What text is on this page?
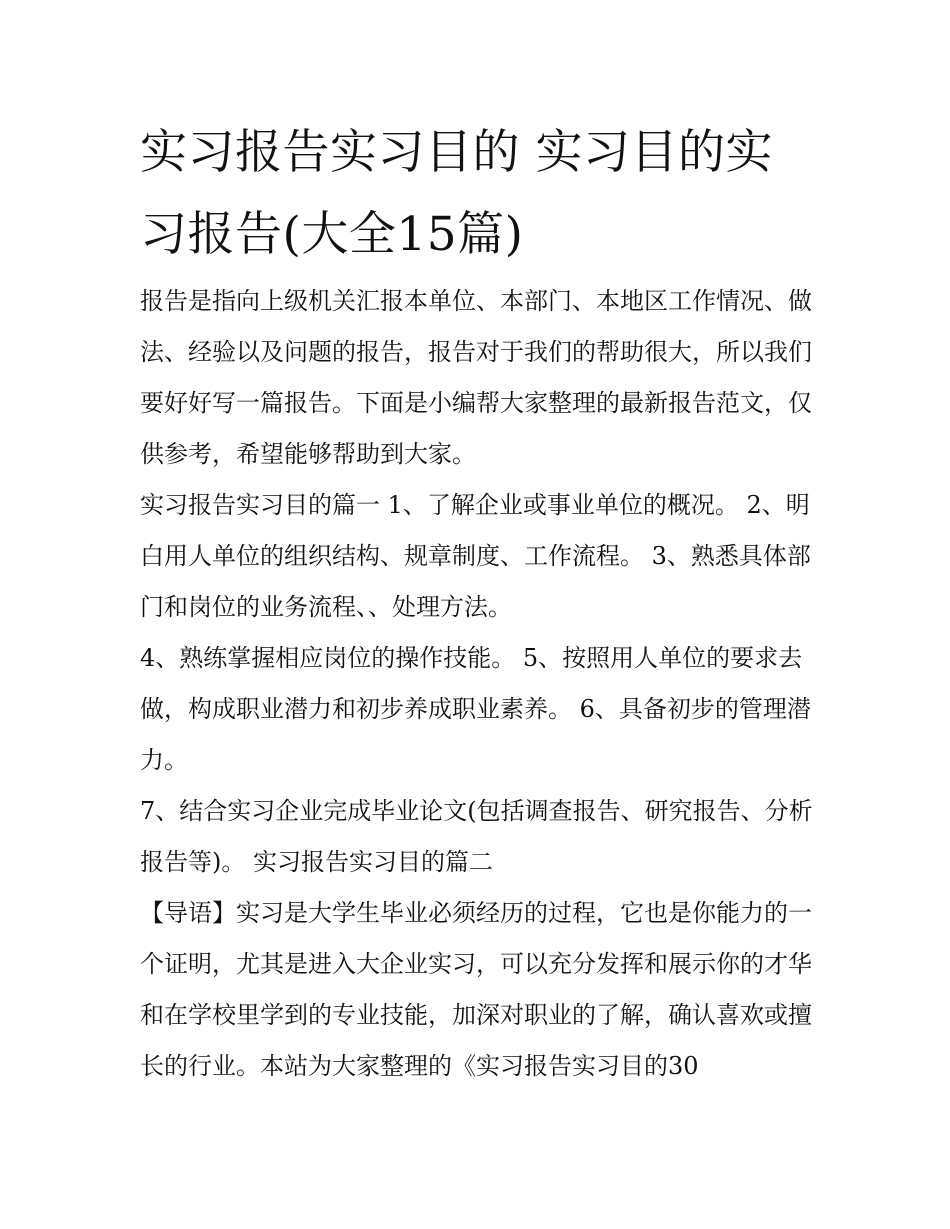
实习报告实习目的 实习目的实习报告(大全15篇)

报告是指向上级机关汇报本单位、本部门、本地区工作情况、做法、经验以及问题的报告，报告对于我们的帮助很大，所以我们要好好写一篇报告。下面是小编帮大家整理的最新报告范文，仅供参考，希望能够帮助到大家。

实习报告实习目的篇一 1、了解企业或事业单位的概况。 2、明白用人单位的组织结构、规章制度、工作流程。 3、熟悉具体部门和岗位的业务流程、、处理方法。

4、熟练掌握相应岗位的操作技能。 5、按照用人单位的要求去做，构成职业潜力和初步养成职业素养。 6、具备初步的管理潜力。

7、结合实习企业完成毕业论文(包括调查报告、研究报告、分析报告等)。 实习报告实习目的篇二

【导语】实习是大学生毕业必须经历的过程，它也是你能力的一个证明，尤其是进入大企业实习，可以充分发挥和展示你的才华和在学校里学到的专业技能，加深对职业的了解，确认喜欢或擅长的行业。本站为大家整理的《实习报告实习目的30
